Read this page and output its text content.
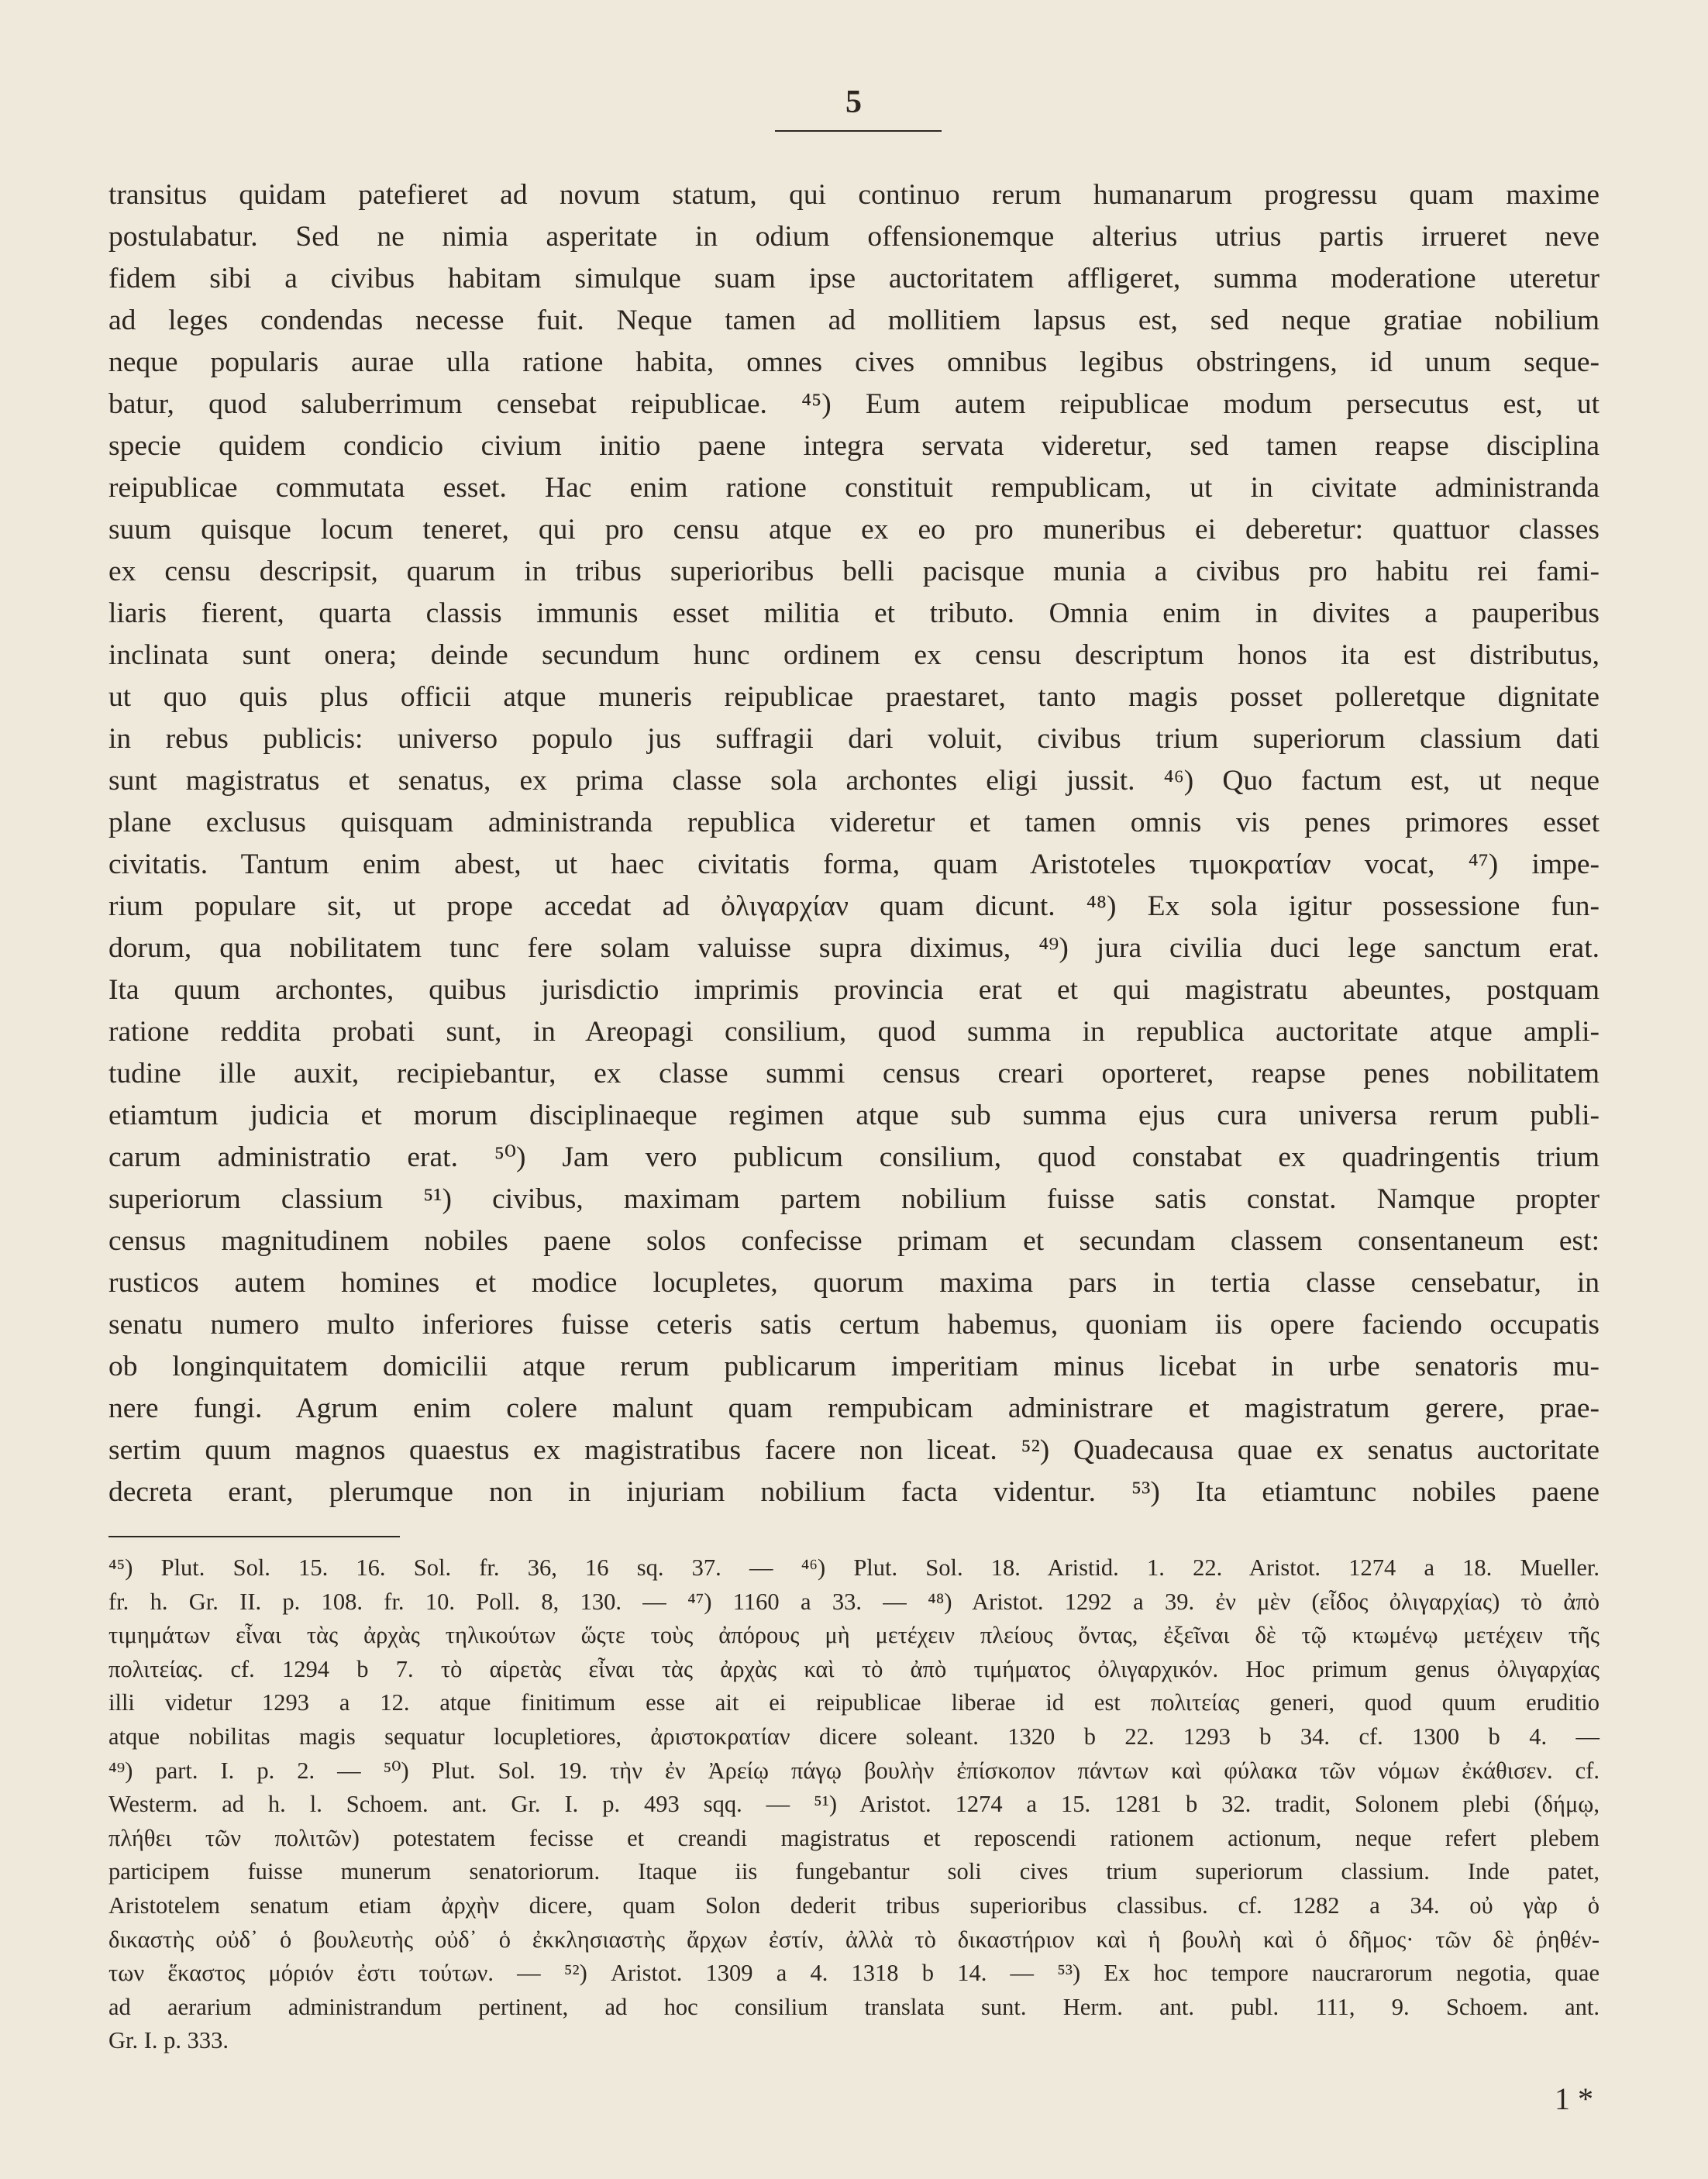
5
transitus quidam patefieret ad novum statum, qui continuo rerum humanarum progressu quam maxime
postulabatur. Sed ne nimia asperitate in odium offensionemque alterius utrius partis irrueret neve
fidem sibi a civibus habitam simulque suam ipse auctoritatem affligeret, summa moderatione uteretur
ad leges condendas necesse fuit. Neque tamen ad mollitiem lapsus est, sed neque gratiae nobilium
neque popularis aurae ulla ratione habita, omnes cives omnibus legibus obstringens, id unum seque-
batur, quod saluberrimum censebat reipublicae. ⁴⁵) Eum autem reipublicae modum persecutus est, ut
specie quidem condicio civium initio paene integra servata videretur, sed tamen reapse disciplina
reipublicae commutata esset. Hac enim ratione constituit rempublicam, ut in civitate administranda
suum quisque locum teneret, qui pro censu atque ex eo pro muneribus ei deberetur: quattuor classes
ex censu descripsit, quarum in tribus superioribus belli pacisque munia a civibus pro habitu rei fami-
liaris fierent, quarta classis immunis esset militia et tributo. Omnia enim in divites a pauperibus
inclinata sunt onera; deinde secundum hunc ordinem ex censu descriptum honos ita est distributus,
ut quo quis plus officii atque muneris reipublicae praestaret, tanto magis posset polleretque dignitate
in rebus publicis: universo populo jus suffragii dari voluit, civibus trium superiorum classium dati
sunt magistratus et senatus, ex prima classe sola archontes eligi jussit. ⁴⁶) Quo factum est, ut neque
plane exclusus quisquam administranda republica videretur et tamen omnis vis penes primores esset
civitatis. Tantum enim abest, ut haec civitatis forma, quam Aristoteles τιμοκρατίαν vocat, ⁴⁷) impe-
rium populare sit, ut prope accedat ad ὀλιγαρχίαν quam dicunt. ⁴⁸) Ex sola igitur possessione fun-
dorum, qua nobilitatem tunc fere solam valuisse supra diximus, ⁴⁹) jura civilia duci lege sanctum erat.
Ita quum archontes, quibus jurisdictio imprimis provincia erat et qui magistratu abeuntes, postquam
ratione reddita probati sunt, in Areopagi consilium, quod summa in republica auctoritate atque ampli-
tudine ille auxit, recipiebantur, ex classe summi census creari oporteret, reapse penes nobilitatem
etiamtum judicia et morum disciplinaeque regimen atque sub summa ejus cura universa rerum publi-
carum administratio erat. ⁵⁰) Jam vero publicum consilium, quod constabat ex quadringentis trium
superiorum classium ⁵¹) civibus, maximam partem nobilium fuisse satis constat. Namque propter
census magnitudinem nobiles paene solos confecisse primam et secundam classem consentaneum est:
rusticos autem homines et modice locupletes, quorum maxima pars in tertia classe censebatur, in
senatu numero multo inferiores fuisse ceteris satis certum habemus, quoniam iis opere faciendo occupatis
ob longinquitatem domicilii atque rerum publicarum imperitiam minus licebat in urbe senatoris mu-
nere fungi. Agrum enim colere malunt quam rempubicam administrare et magistratum gerere, prae-
sertim quum magnos quaestus ex magistratibus facere non liceat. ⁵²) Quadecausa quae ex senatus auctoritate
decreta erant, plerumque non in injuriam nobilium facta videntur. ⁵³) Ita etiamtunc nobiles paene
⁴⁵) Plut. Sol. 15. 16. Sol. fr. 36, 16 sq. 37. — ⁴⁶) Plut. Sol. 18. Aristid. 1. 22. Aristot. 1274 a 18. Mueller.
fr. h. Gr. II. p. 108. fr. 10. Poll. 8, 130. — ⁴⁷) 1160 a 33. — ⁴⁸) Aristot. 1292 a 39. ἐν μὲν (εἶδος ὀλιγαρχίας) τὸ ἀπὸ
τιμημάτων εἶναι τὰς ἀρχὰς τηλικούτων ὥςτε τοὺς ἀπόρους μὴ μετέχειν πλείους ὄντας, ἐξεῖναι δὲ τῷ κτωμένῳ μετέχειν τῆς
πολιτείας. cf. 1294 b 7. τὸ αἱρετὰς εἶναι τὰς ἀρχὰς καὶ τὸ ἀπὸ τιμήματος ὀλιγαρχικόν. Hoc primum genus ὀλιγαρχίας
illi videtur 1293 a 12. atque finitimum esse ait ei reipublicae liberae id est πολιτείας generi, quod quum eruditio
atque nobilitas magis sequatur locupletiores, ἀριστοκρατίαν dicere soleant. 1320 b 22. 1293 b 34. cf. 1300 b 4. —
⁴⁹) part. I. p. 2. — ⁵⁰) Plut. Sol. 19. τὴν ἐν Ἀρείῳ πάγῳ βουλὴν ἐπίσκοπον πάντων καὶ φύλακα τῶν νόμων ἐκάθισεν. cf.
Westerm. ad h. l. Schoem. ant. Gr. I. p. 493 sqq. — ⁵¹) Aristot. 1274 a 15. 1281 b 32. tradit, Solonem plebi (δήμῳ,
πλήθει τῶν πολιτῶν) potestatem fecisse et creandi magistratus et reposcendi rationem actionum, neque refert plebem
participem fuisse munerum senatoriorum. Itaque iis fungebantur soli cives trium superiorum classium. Inde patet,
Aristotelem senatum etiam ἀρχὴν dicere, quam Solon dederit tribus superioribus classibus. cf. 1282 a 34. οὐ γὰρ ὁ
δικαστὴς οὐδ᾽ ὁ βουλευτὴς οὐδ᾽ ὁ ἐκκλησιαστὴς ἄρχων ἐστίν, ἀλλὰ τὸ δικαστήριον καὶ ἡ βουλὴ καὶ ὁ δῆμος· τῶν δὲ ῥηθέν-
των ἕκαστος μόριόν ἐστι τούτων. — ⁵²) Aristot. 1309 a 4. 1318 b 14. — ⁵³) Ex hoc tempore naucrarorum negotia, quae
ad aerarium administrandum pertinent, ad hoc consilium translata sunt. Herm. ant. publ. 111, 9. Schoem. ant.
Gr. I. p. 333.
1 *
